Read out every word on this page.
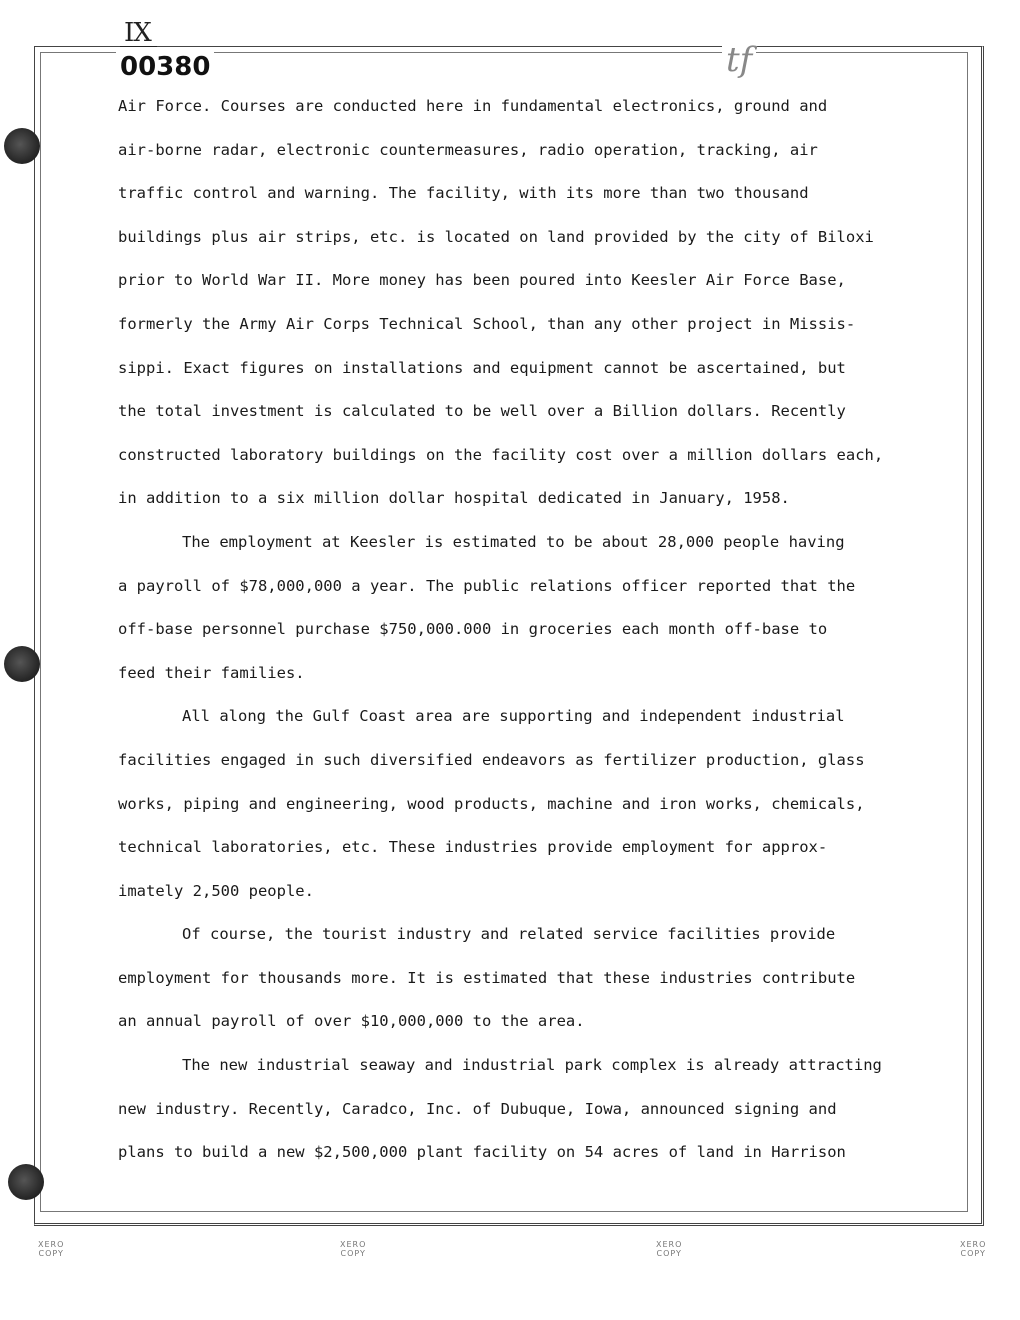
IX
00380	tf
Air Force. Courses are conducted here in fundamental electronics, ground and
air-borne radar, electronic countermeasures, radio operation, tracking, air
traffic control and warning. The facility, with its more than two thousand
buildings plus air strips, etc. is located on land provided by the city of Biloxi
prior to World War II. More money has been poured into Keesler Air Force Base,
formerly the Army Air Corps Technical School, than any other project in Missis-
sippi. Exact figures on installations and equipment cannot be ascertained, but
the total investment is calculated to be well over a Billion dollars. Recently
constructed laboratory buildings on the facility cost over a million dollars each,
in addition to a six million dollar hospital dedicated in January, 1958.
The employment at Keesler is estimated to be about 28,000 people having
a payroll of $78,000,000 a year. The public relations officer reported that the
off-base personnel purchase $750,000.000 in groceries each month off-base to
feed their families.
All along the Gulf Coast area are supporting and independent industrial
facilities engaged in such diversified endeavors as fertilizer production, glass
works, piping and engineering, wood products, machine and iron works, chemicals,
technical laboratories, etc. These industries provide employment for approx-
imately 2,500 people.
Of course, the tourist industry and related service facilities provide
employment for thousands more. It is estimated that these industries contribute
an annual payroll of over $10,000,000 to the area.
The new industrial seaway and industrial park complex is already attracting
new industry. Recently, Caradco, Inc. of Dubuque, Iowa, announced signing and
plans to build a new $2,500,000 plant facility on 54 acres of land in Harrison
XERO
COPY
XERO
COPY
XERO
COPY
XERO
COPY
